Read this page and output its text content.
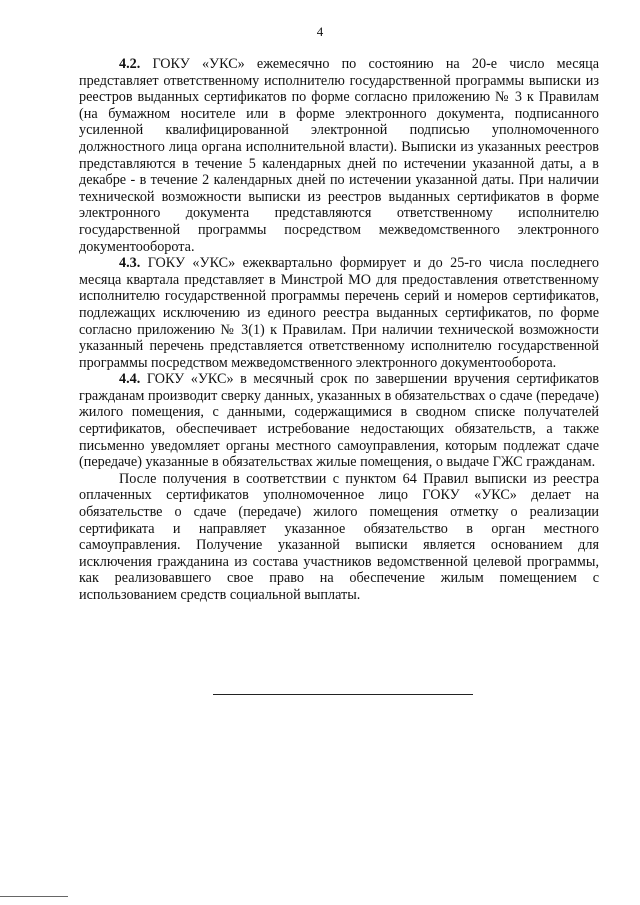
4

4.2. ГОКУ «УКС» ежемесячно по состоянию на 20-е число месяца представляет ответственному исполнителю государственной программы выписки из реестров выданных сертификатов по форме согласно приложению № 3 к Правилам (на бумажном носителе или в форме электронного документа, подписанного усиленной квалифицированной электронной подписью уполномоченного должностного лица органа исполнительной власти). Выписки из указанных реестров представляются в течение 5 календарных дней по истечении указанной даты, а в декабре - в течение 2 календарных дней по истечении указанной даты. При наличии технической возможности выписки из реестров выданных сертификатов в форме электронного документа представляются ответственному исполнителю государственной программы посредством межведомственного электронного документооборота.

4.3. ГОКУ «УКС» ежеквартально формирует и до 25-го числа последнего месяца квартала представляет в Минстрой МО для предоставления ответственному исполнителю государственной программы перечень серий и номеров сертификатов, подлежащих исключению из единого реестра выданных сертификатов, по форме согласно приложению № 3(1) к Правилам. При наличии технической возможности указанный перечень представляется ответственному исполнителю государственной программы посредством межведомственного электронного документооборота.

4.4. ГОКУ «УКС» в месячный срок по завершении вручения сертификатов гражданам производит сверку данных, указанных в обязательствах о сдаче (передаче) жилого помещения, с данными, содержащимися в сводном списке получателей сертификатов, обеспечивает истребование недостающих обязательств, а также письменно уведомляет органы местного самоуправления, которым подлежат сдаче (передаче) указанные в обязательствах жилые помещения, о выдаче ГЖС гражданам.

После получения в соответствии с пунктом 64 Правил выписки из реестра оплаченных сертификатов уполномоченное лицо ГОКУ «УКС» делает на обязательстве о сдаче (передаче) жилого помещения отметку о реализации сертификата и направляет указанное обязательство в орган местного самоуправления. Получение указанной выписки является основанием для исключения гражданина из состава участников ведомственной целевой программы, как реализовавшего свое право на обеспечение жилым помещением с использованием средств социальной выплаты.
